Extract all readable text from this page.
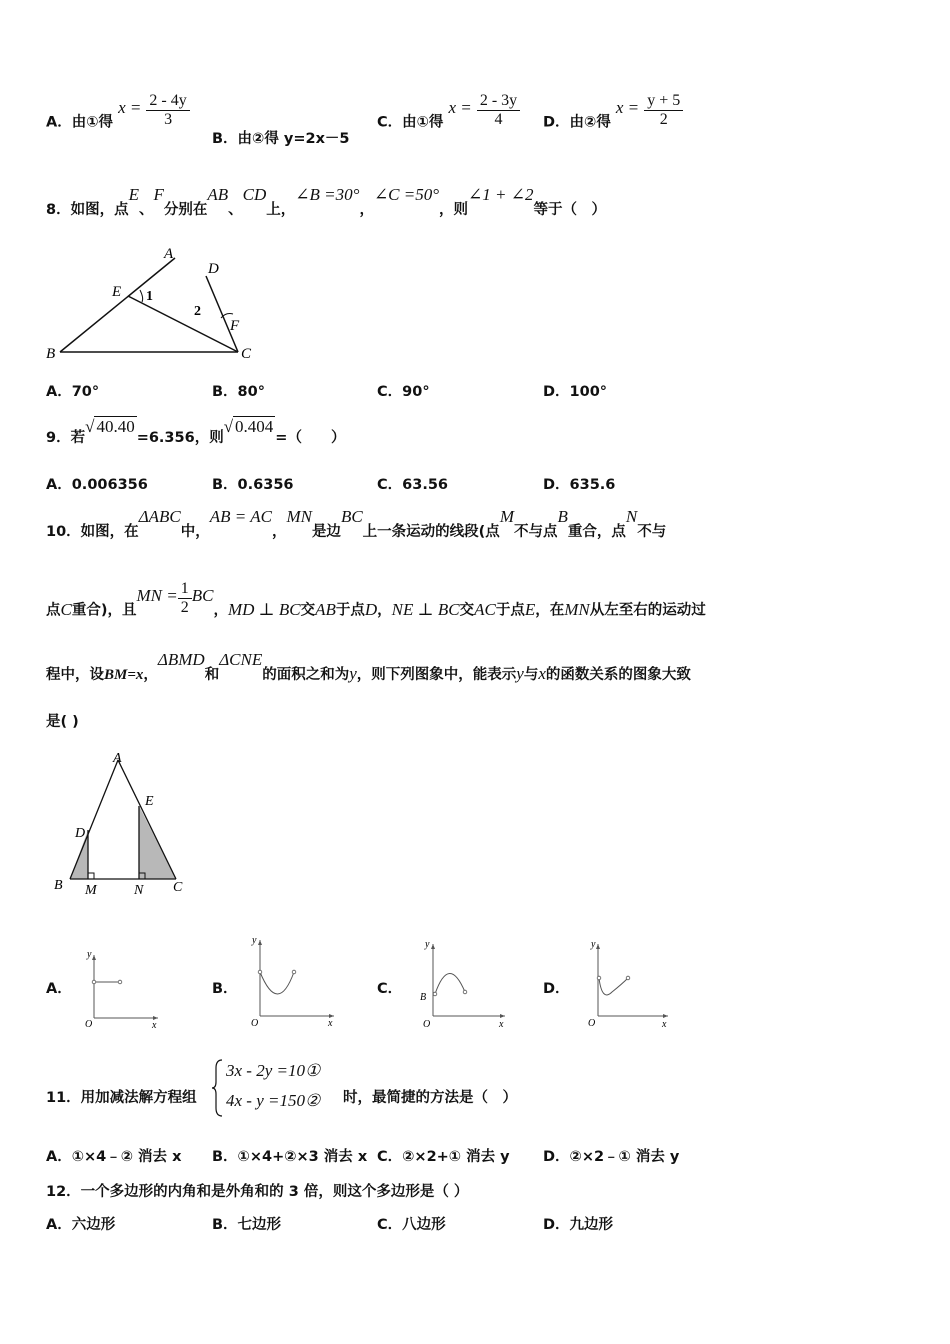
A．由①得 $x = \frac{2 - 4y}{3}$
B．由②得 y=2x－5
C．由①得 $x = \frac{2 - 3y}{4}$ D．由②得 $x = \frac{y + 5}{2}$
8．如图，点E、F分别在AB、CD上，∠B =30°，∠C =50°，则∠1 + ∠2等于（　）
A
D
E 1
2
F
B	C
A．70°	B．80°	C．90°	D．100°
9．若√ 40.40=6.356，则√ 0.404=（　　）
A．0.006356	B．0.6356	C．63.56	D．635.6
10．如图，在ΔABC中，AB = AC，MN是边BC上一条运动的线段(点M不与点B重合，点N不与
点C重合)，且MN = $\frac{1}{2}$ BC，MD ⊥ BC交AB于点D，NE ⊥ BC交AC于点E，在MN从左至右的运动过
程中，设BM=x，ΔBMD和ΔCNE的面积之和为y，则下列图象中，能表示y与x的函数关系的图象大致
是( )
A
E
D
B M	N C
A．
y
x
O
B．
y
x
O
C．
y
B
x
O
D．
y
x
O
11．用加减法解方程组
3x - 2y =10①
4x - y =150② 时，最简捷的方法是（　）
A．①×4﹣② 消去 x B．①×4+②×3 消去 x C．②×2+① 消去 y D．②×2﹣① 消去 y
12．一个多边形的内角和是外角和的 3 倍，则这个多边形是（ ）
A．六边形	B．七边形	C．八边形	D．九边形
